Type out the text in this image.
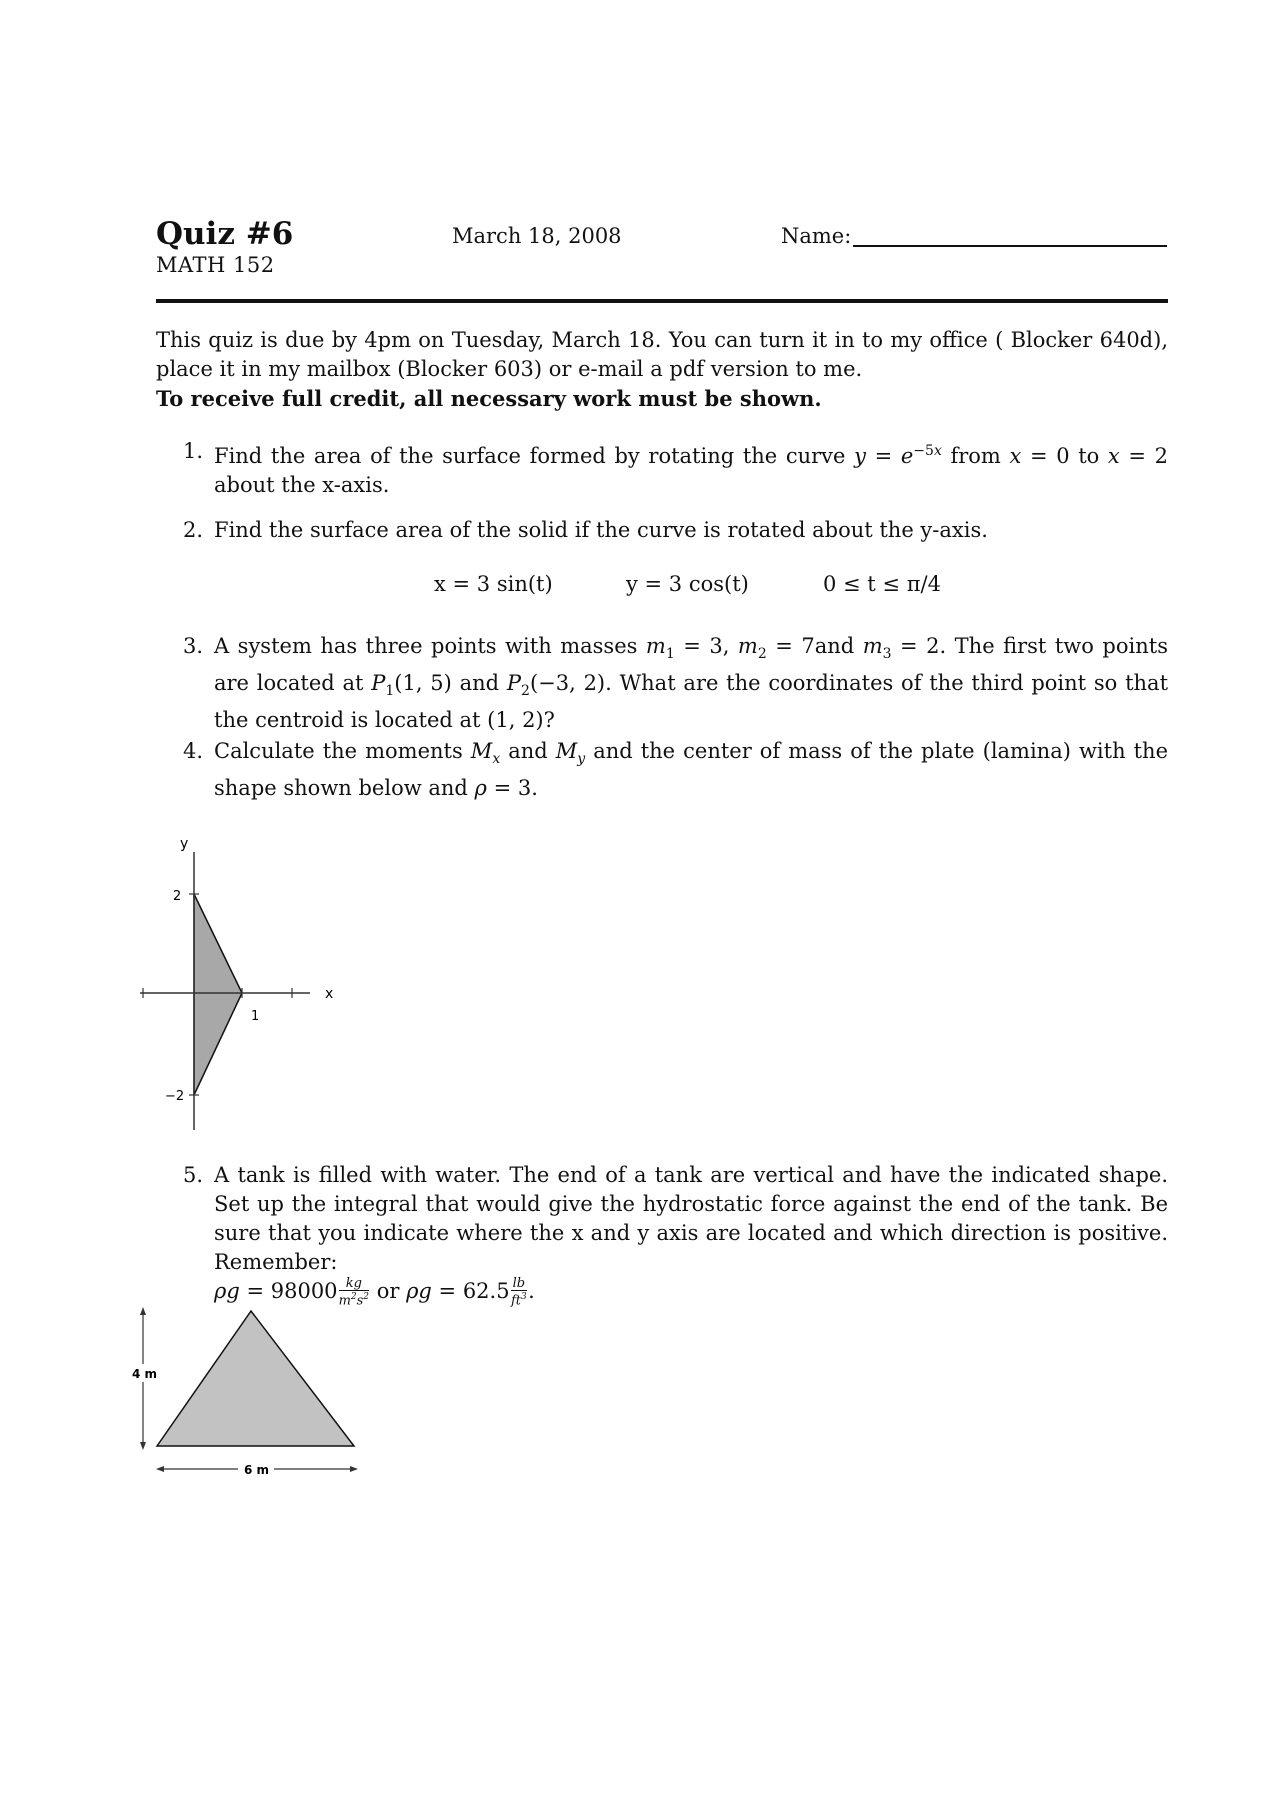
Quiz #6
MATH 152
March 18, 2008	Name:
This quiz is due by 4pm on Tuesday, March 18. You can turn it in to my office ( Blocker 640d), place it in my mailbox (Blocker 603) or e-mail a pdf version to me.
To receive full credit, all necessary work must be shown.
1. Find the area of the surface formed by rotating the curve $y = e^{-5x}$ from x = 0 to x = 2 about the x-axis.
2. Find the surface area of the solid if the curve is rotated about the y-axis.
x = 3 sin(t)	y = 3 cos(t)	0 ≤ t ≤ π/4
3. A system has three points with masses $m_1 = 3$, $m_2 = 7and$ $m_3 = 2$. The first two points are located at $P_1(1$, 5) and $P_2(-3$, 2). What are the coordinates of the third point so that the centroid is located at (1, 2)?
4. Calculate the moments $M_x$ and $M_y$ and the center of mass of the plate (lamina) with the shape shown below and ρ = 3.
y
x
2
−2
1
5. A tank is filled with water. The end of a tank are vertical and have the indicated shape. Set up the integral that would give the hydrostatic force against the end of the tank. Be sure that you indicate where the x and y axis are located and which direction is positive. Remember:
$\rho g = 98000 \frac{kg}{m^2s^2}$ or $\rho g = 62.5 \frac{lb}{ft^3}$ .
4 m
6 m
